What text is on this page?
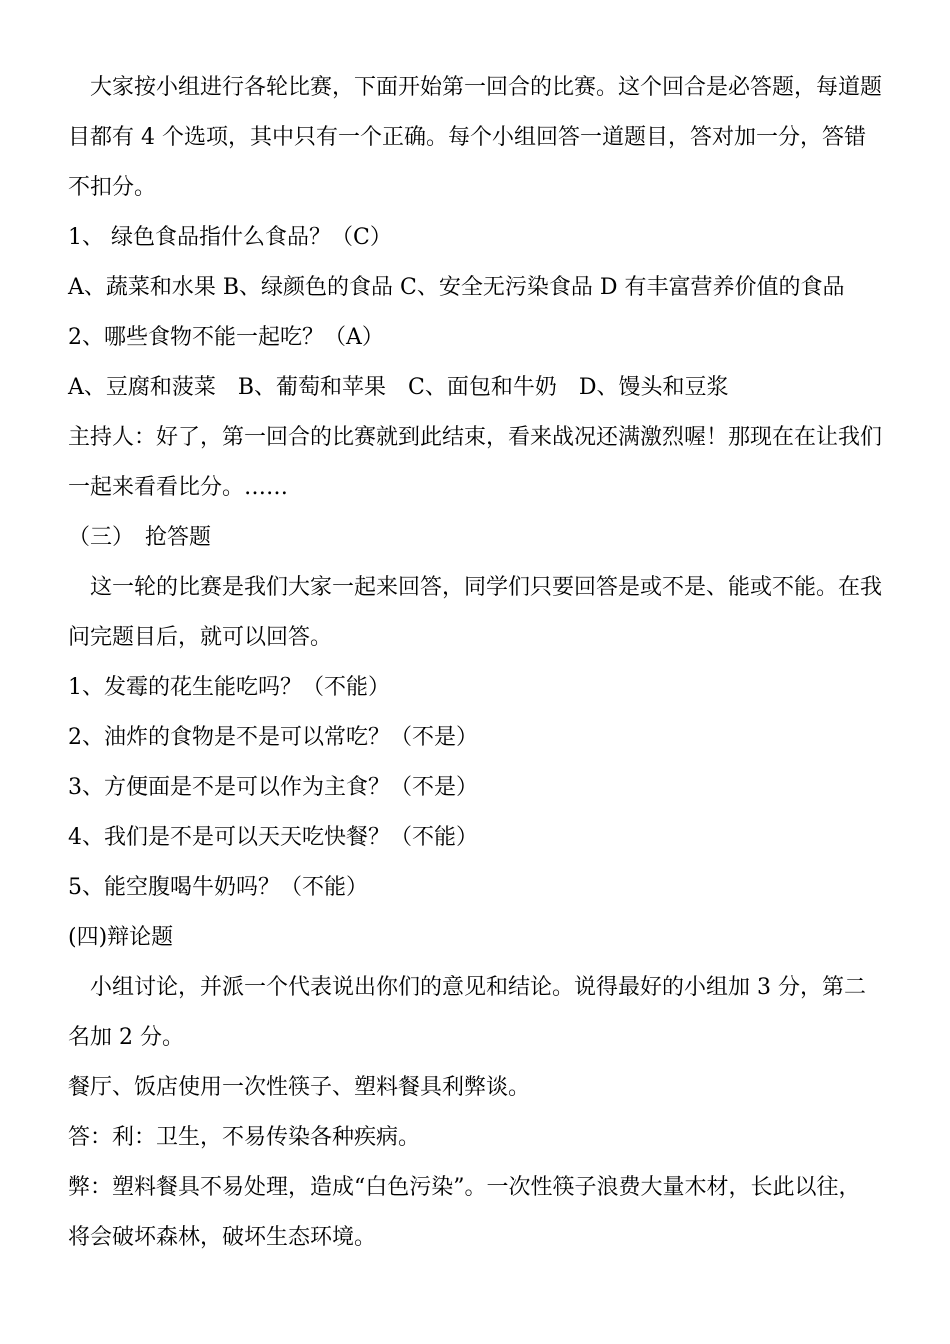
大家按小组进行各轮比赛，下面开始第一回合的比赛。这个回合是必答题，每道题目都有 4 个选项，其中只有一个正确。每个小组回答一道题目，答对加一分，答错不扣分。

1、 绿色食品指什么食品？（C）

A、蔬菜和水果 B、绿颜色的食品 C、安全无污染食品 D 有丰富营养价值的食品

2、哪些食物不能一起吃？（A）

A、豆腐和菠菜　B、葡萄和苹果　C、面包和牛奶　D、馒头和豆浆

主持人：好了，第一回合的比赛就到此结束，看来战况还满激烈喔！那现在在让我们一起来看看比分。……

（三）　抢答题

这一轮的比赛是我们大家一起来回答，同学们只要回答是或不是、能或不能。在我问完题目后，就可以回答。

1、发霉的花生能吃吗？（不能）

2、油炸的食物是不是可以常吃？（不是）

3、方便面是不是可以作为主食？（不是）

4、我们是不是可以天天吃快餐？（不能）

5、能空腹喝牛奶吗？（不能）

(四)辩论题

小组讨论，并派一个代表说出你们的意见和结论。说得最好的小组加 3 分，第二名加 2 分。

餐厅、饭店使用一次性筷子、塑料餐具利弊谈。

答：利：卫生，不易传染各种疾病。

弊：塑料餐具不易处理，造成“白色污染”。一次性筷子浪费大量木材，长此以往，将会破坏森林，破坏生态环境。
